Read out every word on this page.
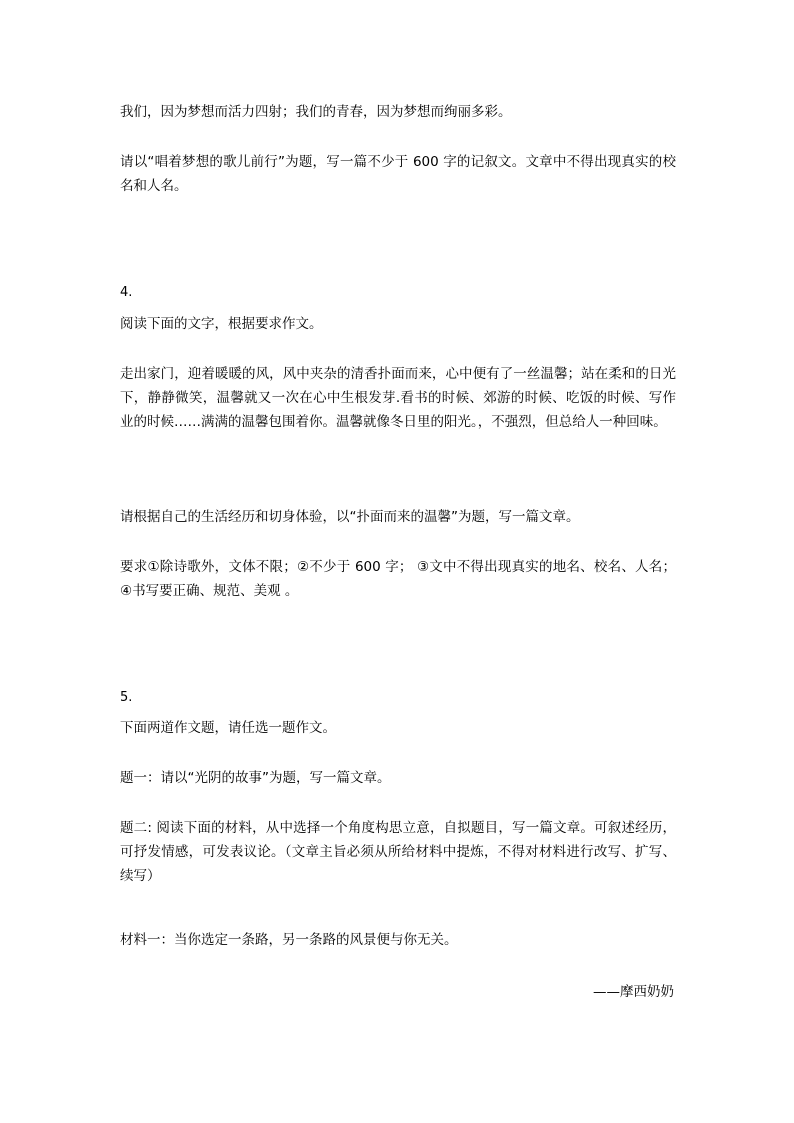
我们，因为梦想而活力四射；我们的青春，因为梦想而绚丽多彩。

请以“唱着梦想的歌儿前行”为题，写一篇不少于 600 字的记叙文。文章中不得出现真实的校名和人名。

4.

阅读下面的文字，根据要求作文。

走出家门，迎着暖暖的风，风中夹杂的清香扑面而来，心中便有了一丝温馨；站在柔和的日光下，静静微笑，温馨就又一次在心中生根发芽.看书的时候、郊游的时候、吃饭的时候、写作业的时候……满满的温馨包围着你。温馨就像冬日里的阳光。，不强烈，但总给人一种回味。

请根据自己的生活经历和切身体验，以“扑面而来的温馨”为题，写一篇文章。

要求①除诗歌外，文体不限；②不少于 600 字； ③文中不得出现真实的地名、校名、人名；④书写要正确、规范、美观 。

5.

下面两道作文题，请任选一题作文。

题一：请以“光阴的故事”为题，写一篇文章。

题二: 阅读下面的材料，从中选择一个角度构思立意，自拟题目，写一篇文章。可叙述经历，可抒发情感，可发表议论。（文章主旨必须从所给材料中提炼，不得对材料进行改写、扩写、续写）

材料一：当你选定一条路，另一条路的风景便与你无关。

——摩西奶奶
